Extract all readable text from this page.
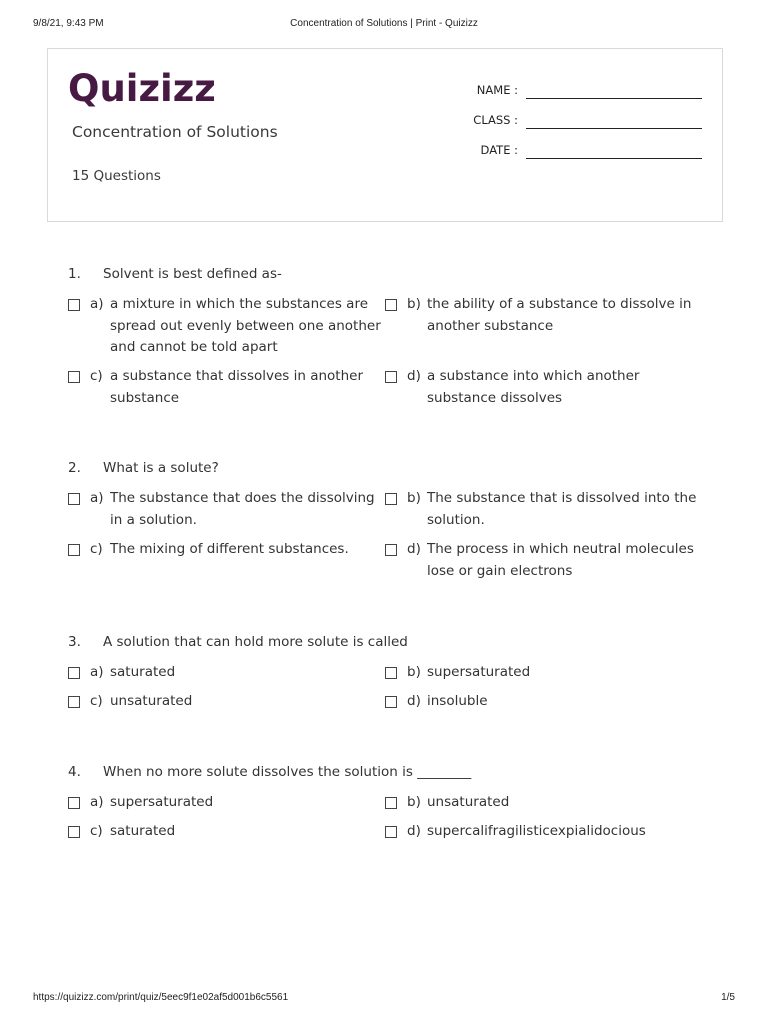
9/8/21, 9:43 PM	Concentration of Solutions | Print - Quizizz
Quizizz
Concentration of Solutions
15 Questions
NAME :
CLASS :
DATE :
1. Solvent is best defined as-
a) a mixture in which the substances are spread out evenly between one another and cannot be told apart
b) the ability of a substance to dissolve in another substance
c) a substance that dissolves in another substance
d) a substance into which another substance dissolves
2. What is a solute?
a) The substance that does the dissolving in a solution.
b) The substance that is dissolved into the solution.
c) The mixing of different substances.	d) The process in which neutral molecules lose or gain electrons
3. A solution that can hold more solute is called
a) saturated	b) supersaturated
c) unsaturated	d) insoluble
4. When no more solute dissolves the solution is ________
a) supersaturated	b) unsaturated
c) saturated	d) supercalifragilisticexpialidocious
https://quizizz.com/print/quiz/5eec9f1e02af5d001b6c5561	1/5
